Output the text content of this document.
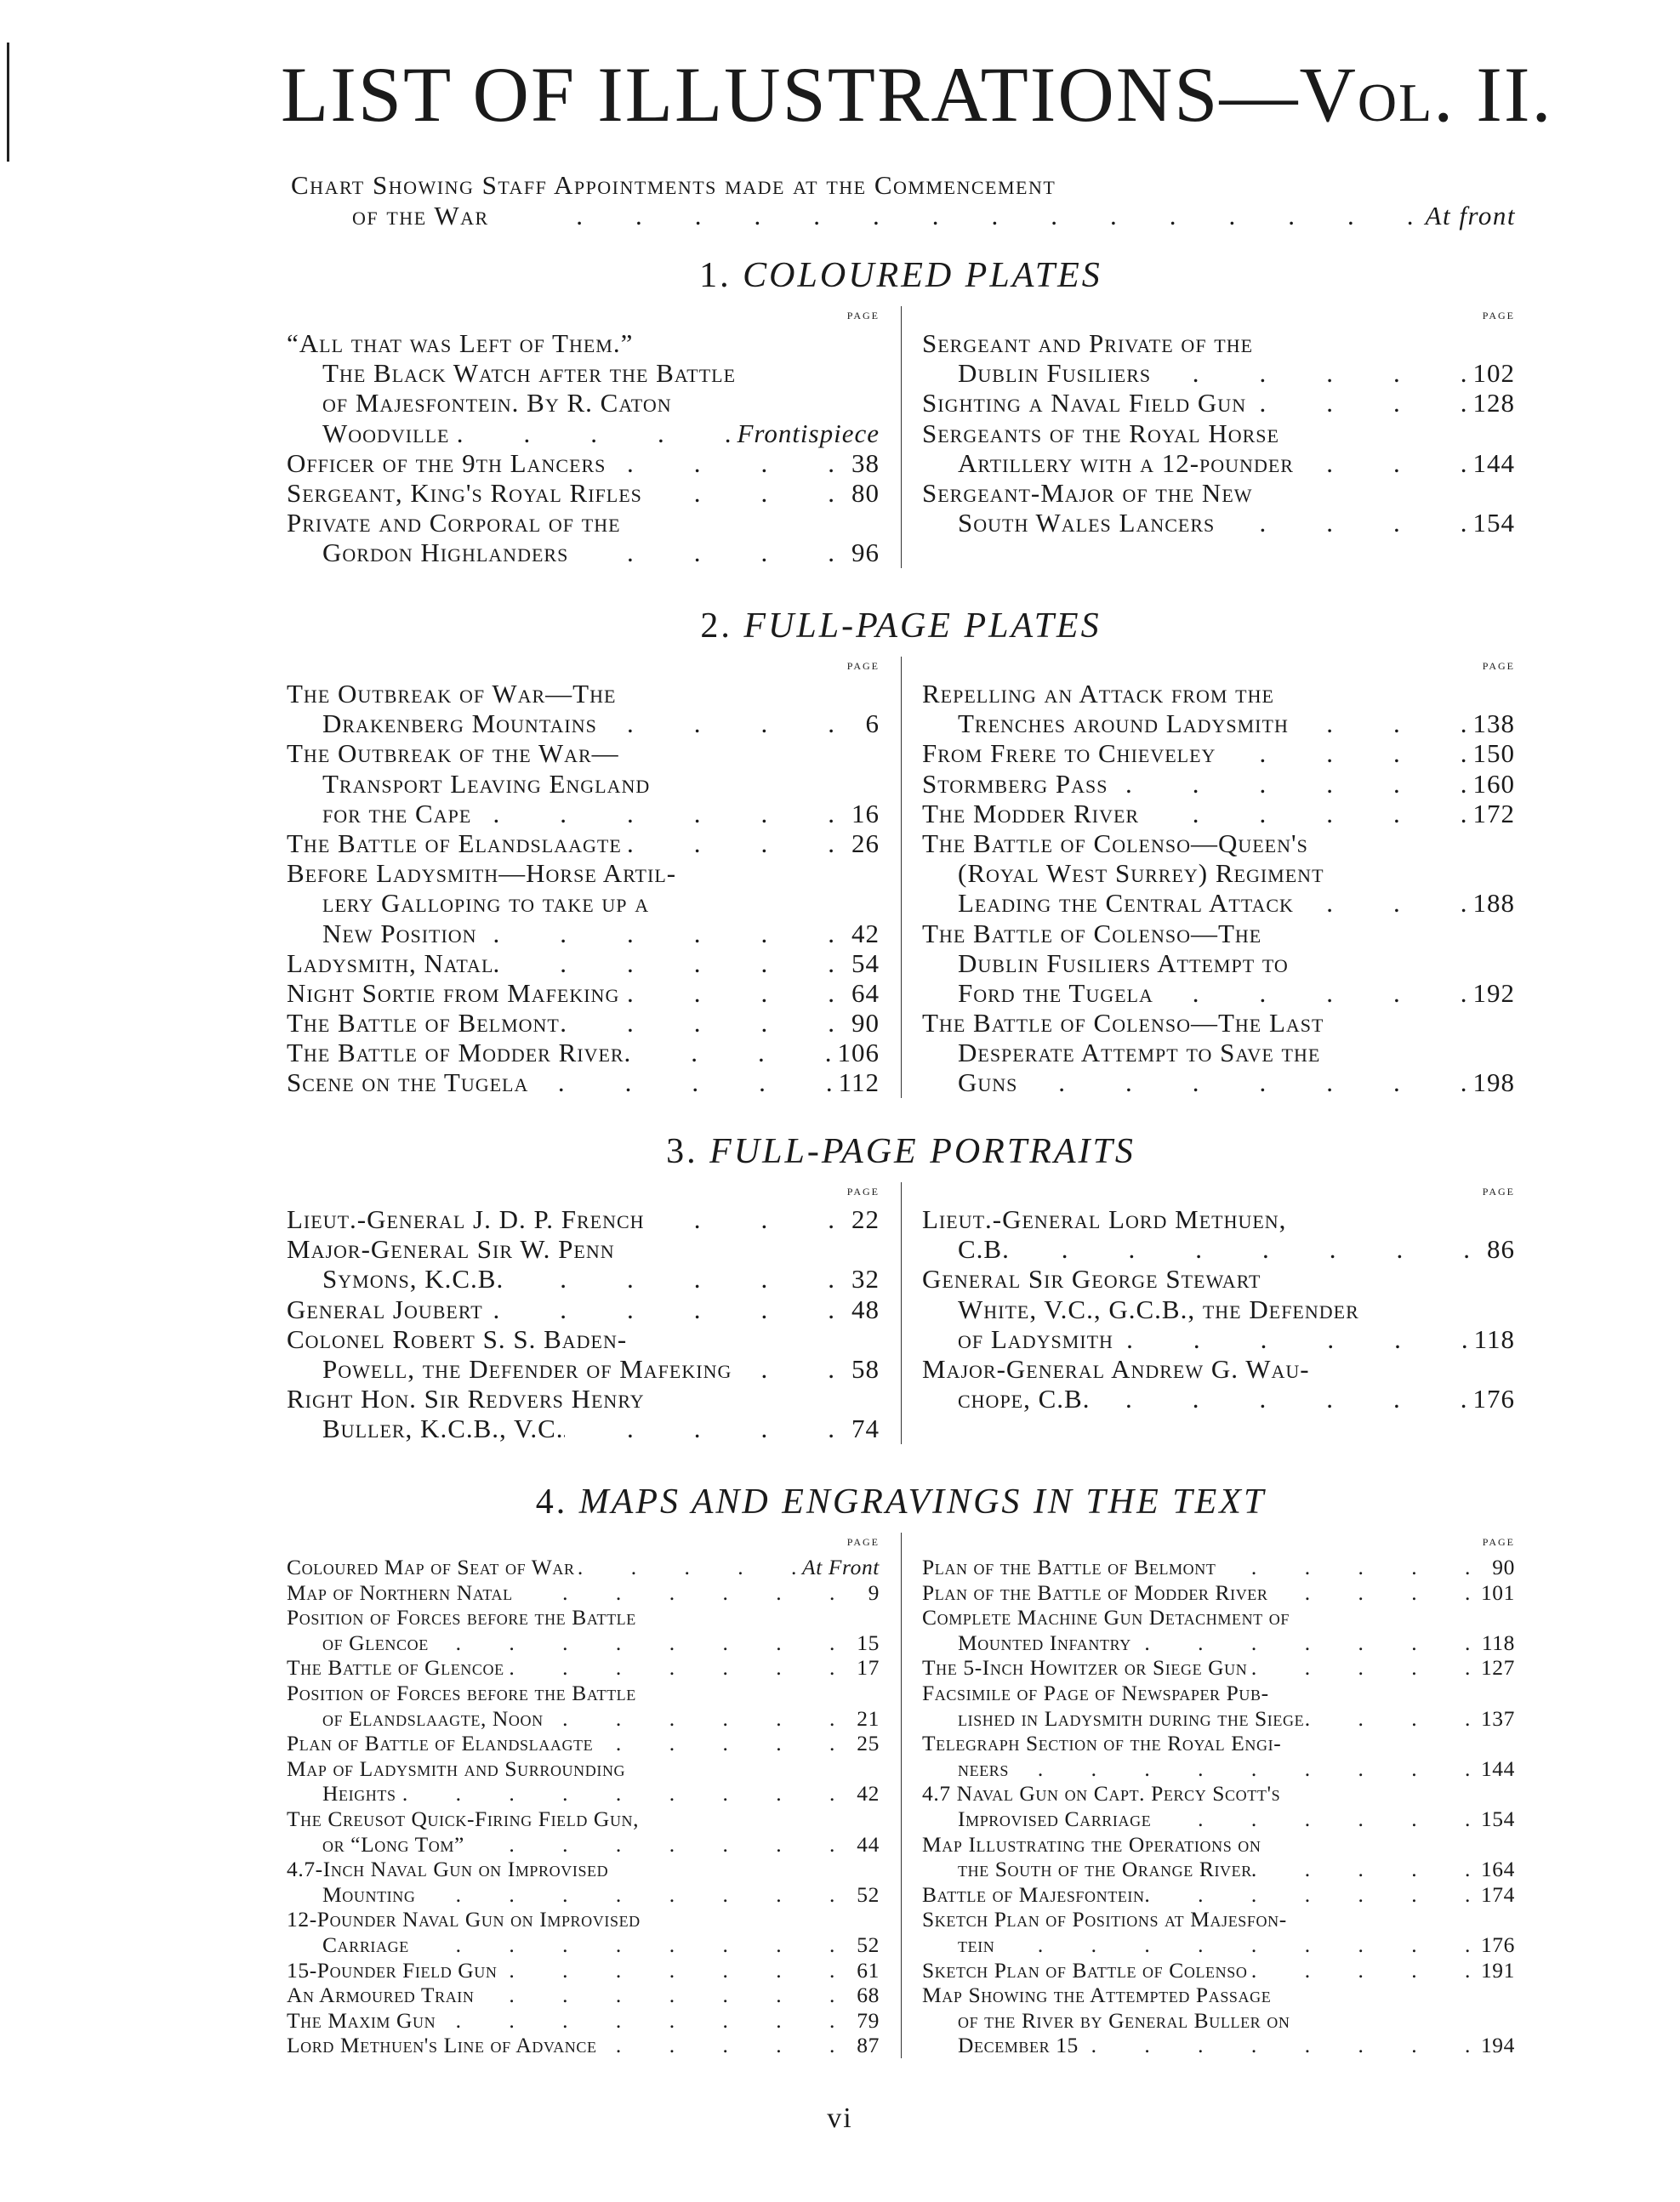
LIST OF ILLUSTRATIONS—Vol. II.
Chart Showing Staff Appointments made at the Commencement
of the War	.        .        .        .        .        .        .        .        .        .        .        .        .        .        . At front
1. COLOURED PLATES
page
“All that was Left of Them.”
The Black Watch after the Battle
of Majesfontein. By R. Caton
Woodville .	Frontispiece
Officer of the 9th Lancers .	38
Sergeant, King's Royal Rifles .	80
Private and Corporal of the
Gordon Highlanders .	96
page
Sergeant and Private of the
Dublin Fusiliers .	102
Sighting a Naval Field Gun .	128
Sergeants of the Royal Horse
Artillery with a 12-pounder .	144
Sergeant-Major of the New
South Wales Lancers .	154
2. FULL-PAGE PLATES
page
The Outbreak of War—The
Drakenberg Mountains .	6
The Outbreak of the War—
Transport Leaving England
for the Cape .	16
The Battle of Elandslaagte .	26
Before Ladysmith—Horse Artil-
lery Galloping to take up a
New Position .	42
Ladysmith, Natal .	54
Night Sortie from Mafeking .	64
The Battle of Belmont .	90
The Battle of Modder River .	106
Scene on the Tugela .	112
page
Repelling an Attack from the
Trenches around Ladysmith .	138
From Frere to Chieveley .	150
Stormberg Pass .	160
The Modder River .	172
The Battle of Colenso—Queen's
(Royal West Surrey) Regiment
Leading the Central Attack .	188
The Battle of Colenso—The
Dublin Fusiliers Attempt to
Ford the Tugela .	192
The Battle of Colenso—The Last
Desperate Attempt to Save the
Guns .	198
3. FULL-PAGE PORTRAITS
page
Lieut.-General J. D. P. French .	22
Major-General Sir W. Penn
Symons, K.C.B. .	32
General Joubert .	48
Colonel Robert S. S. Baden-
Powell, the Defender of Mafeking .	58
Right Hon. Sir Redvers Henry
Buller, K.C.B., V.C. .	74
page
Lieut.-General Lord Methuen,
C.B. .	86
General Sir George Stewart
White, V.C., G.C.B., the Defender
of Ladysmith .	118
Major-General Andrew G. Wau-
chope, C.B. .	176
4. MAPS AND ENGRAVINGS IN THE TEXT
page
Coloured Map of Seat of War .	At Front
Map of Northern Natal .	9
Position of Forces before the Battle
of Glencoe .	15
The Battle of Glencoe .	17
Position of Forces before the Battle
of Elandslaagte, Noon .	21
Plan of Battle of Elandslaagte .	25
Map of Ladysmith and Surrounding
Heights .	42
The Creusot Quick-Firing Field Gun,
or “Long Tom” .	44
4.7-Inch Naval Gun on Improvised
Mounting .	52
12-Pounder Naval Gun on Improvised
Carriage .	52
15-Pounder Field Gun .	61
An Armoured Train .	68
The Maxim Gun .	79
Lord Methuen's Line of Advance .	87
page
Plan of the Battle of Belmont .	90
Plan of the Battle of Modder River .	101
Complete Machine Gun Detachment of
Mounted Infantry .	118
The 5-Inch Howitzer or Siege Gun .	127
Facsimile of Page of Newspaper Pub-
lished in Ladysmith during the Siege .	137
Telegraph Section of the Royal Engi-
neers .	144
4.7 Naval Gun on Capt. Percy Scott's
Improvised Carriage .	154
Map Illustrating the Operations on
the South of the Orange River .	164
Battle of Majesfontein .	174
Sketch Plan of Positions at Majesfon-
tein .	176
Sketch Plan of Battle of Colenso .	191
Map Showing the Attempted Passage
of the River by General Buller on
December 15 .	194
vi
